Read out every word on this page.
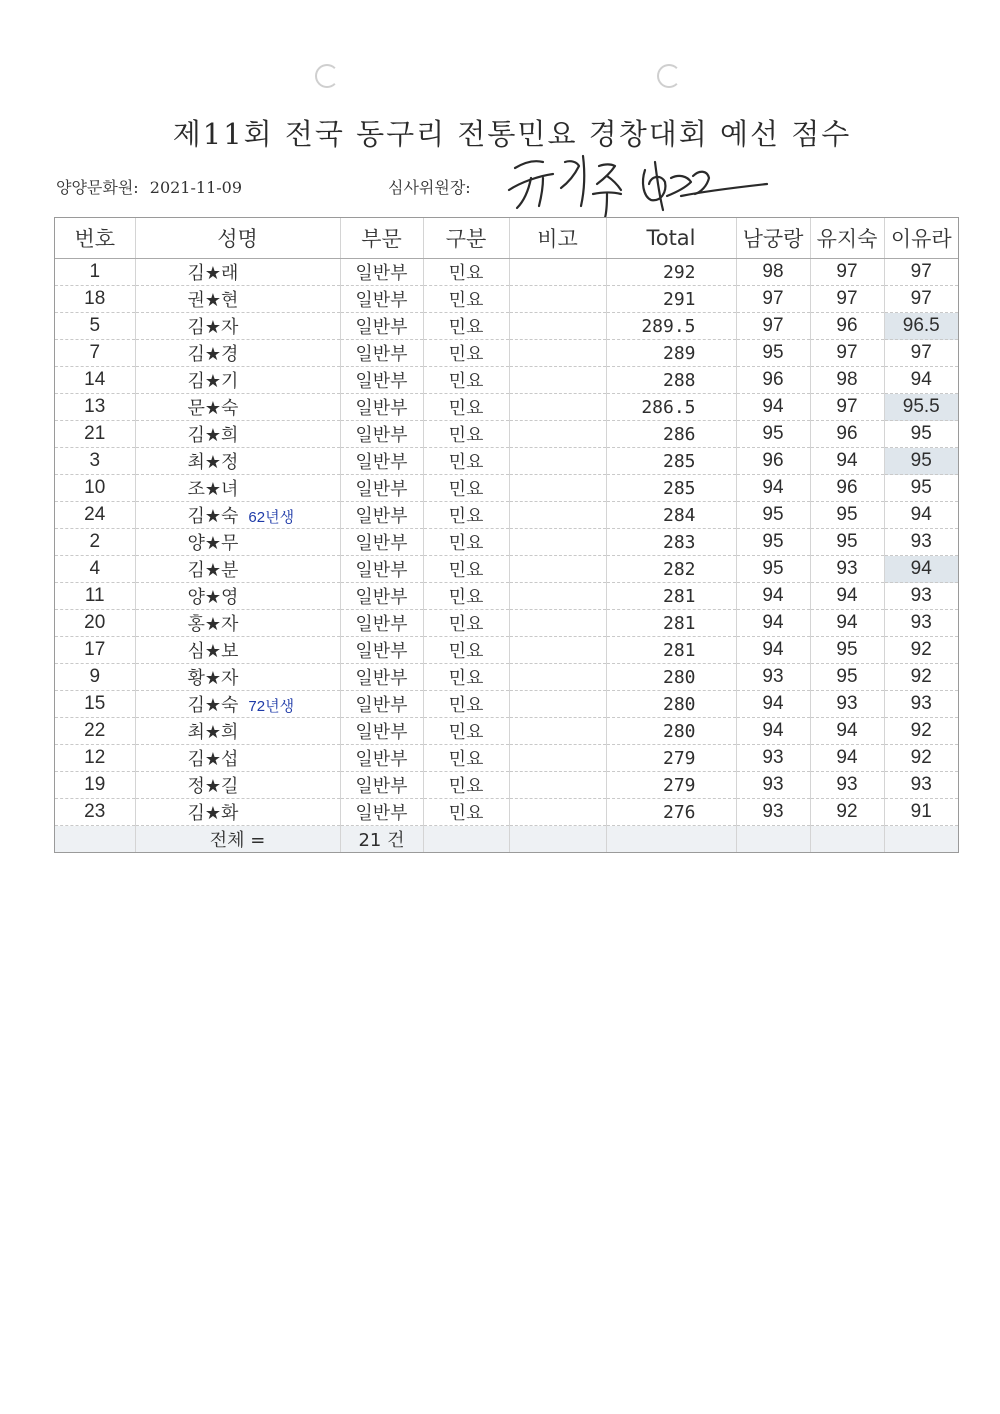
제11회 전국 동구리 전통민요 경창대회 예선 점수
양양문화원: 2021-11-09	심사위원장:
번호	성명	부문	구분	비고	Total	남궁랑	유지숙	이유라
1	김★래	일반부	민요		292	98	97	97
18	권★현	일반부	민요		291	97	97	97
5	김★자	일반부	민요		289.5	97	96	96.5
7	김★경	일반부	민요		289	95	97	97
14	김★기	일반부	민요		288	96	98	94
13	문★숙	일반부	민요		286.5	94	97	95.5
21	김★희	일반부	민요		286	95	96	95
3	최★정	일반부	민요		285	96	94	95
10	조★녀	일반부	민요		285	94	96	95
24	김★숙 62년생	일반부	민요		284	95	95	94
2	양★무	일반부	민요		283	95	95	93
4	김★분	일반부	민요		282	95	93	94
11	양★영	일반부	민요		281	94	94	93
20	홍★자	일반부	민요		281	94	94	93
17	심★보	일반부	민요		281	94	95	92
9	황★자	일반부	민요		280	93	95	92
15	김★숙 72년생	일반부	민요		280	94	93	93
22	최★희	일반부	민요		280	94	94	92
12	김★섭	일반부	민요		279	93	94	92
19	정★길	일반부	민요		279	93	93	93
23	김★화	일반부	민요		276	93	92	91
	전체 =	21 건						
